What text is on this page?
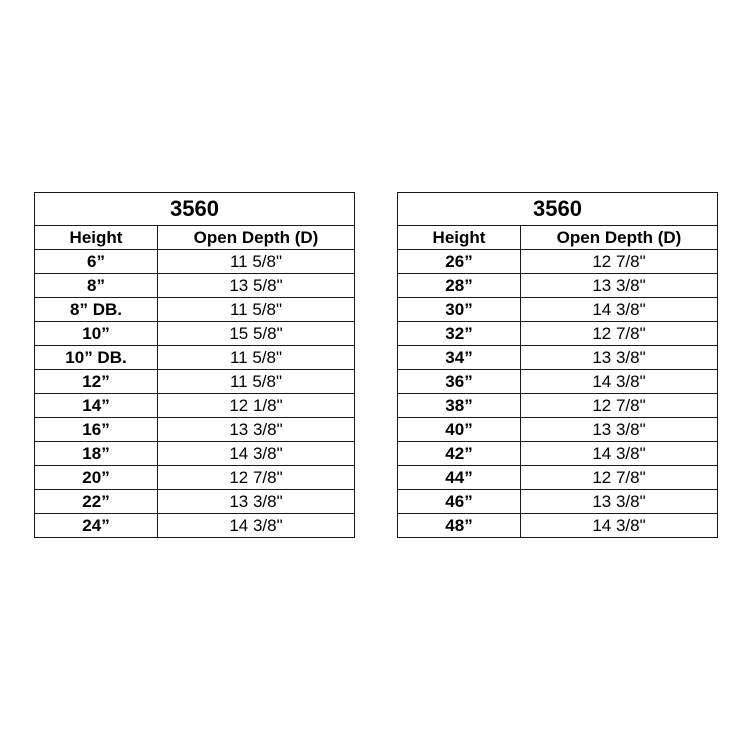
3560	
Height	Open Depth (D)
6”	11 5/8"
8”	13 5/8"
8” DB.	11 5/8"
10”	15 5/8"
10” DB.	11 5/8"
12”	11 5/8"
14”	12 1/8"
16”	13 3/8"
18”	14 3/8"
20”	12 7/8"
22”	13 3/8"
24”	14 3/8"
3560	
Height	Open Depth (D)
26”	12 7/8"
28”	13 3/8"
30”	14 3/8"
32”	12 7/8"
34”	13 3/8"
36”	14 3/8"
38”	12 7/8"
40”	13 3/8"
42”	14 3/8"
44”	12 7/8"
46”	13 3/8"
48”	14 3/8"
